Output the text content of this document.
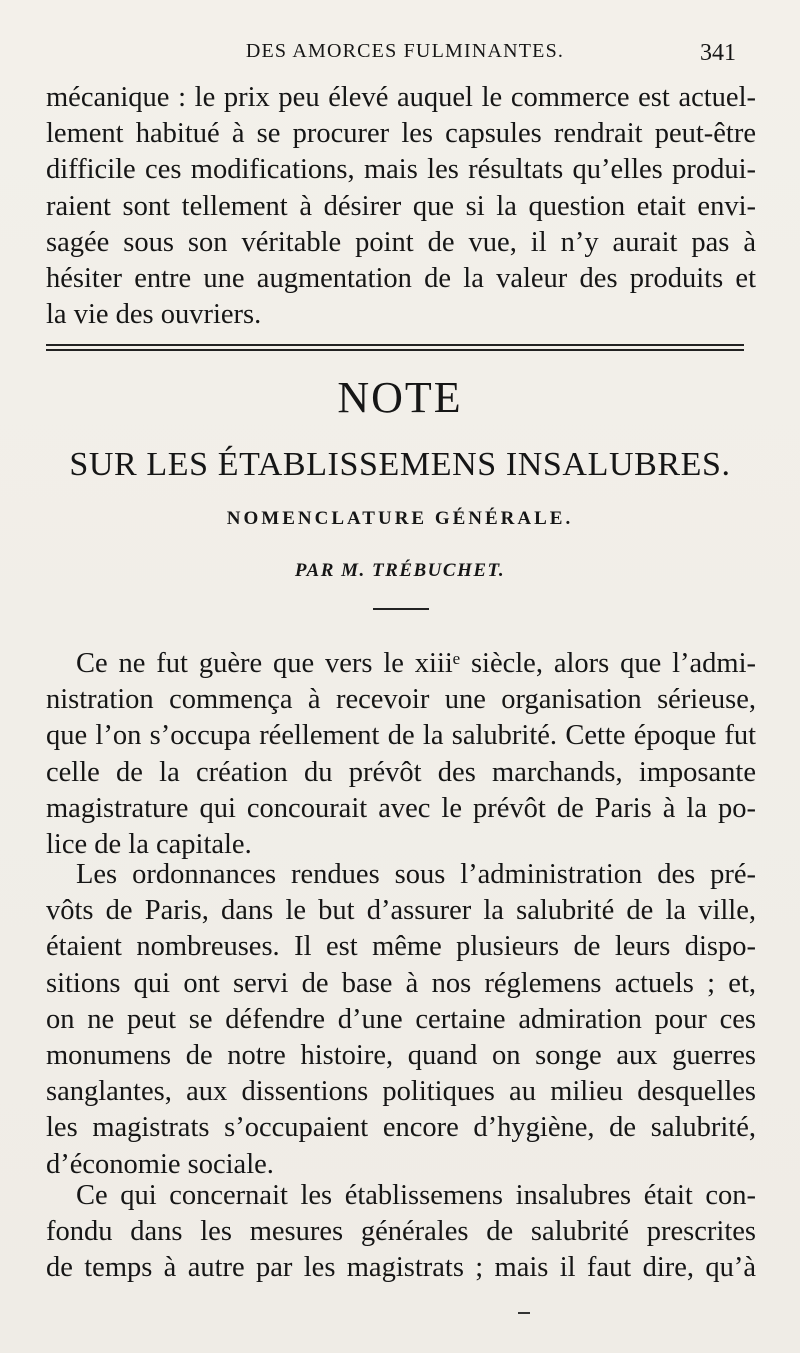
DES AMORCES FULMINANTES.	341
mécanique : le prix peu élevé auquel le commerce est actuel-
lement habitué à se procurer les capsules rendrait peut-être
difficile ces modifications, mais les résultats qu’elles produi-
raient sont tellement à désirer que si la question etait envi-
sagée sous son véritable point de vue, il n’y aurait pas à
hésiter entre une augmentation de la valeur des produits et
la vie des ouvriers.
NOTE
SUR LES ÉTABLISSEMENS INSALUBRES.
NOMENCLATURE GÉNÉRALE.
PAR M. TRÉBUCHET.
Ce ne fut guère que vers le xiiiᵉ siècle, alors que l’admi-
nistration commença à recevoir une organisation sérieuse,
que l’on s’occupa réellement de la salubrité. Cette époque fut
celle de la création du prévôt des marchands, imposante
magistrature qui concourait avec le prévôt de Paris à la po-
lice de la capitale.
Les ordonnances rendues sous l’administration des pré-
vôts de Paris, dans le but d’assurer la salubrité de la ville,
étaient nombreuses. Il est même plusieurs de leurs dispo-
sitions qui ont servi de base à nos réglemens actuels ; et,
on ne peut se défendre d’une certaine admiration pour ces
monumens de notre histoire, quand on songe aux guerres
sanglantes, aux dissentions politiques au milieu desquelles
les magistrats s’occupaient encore d’hygiène, de salubrité,
d’économie sociale.
Ce qui concernait les établissemens insalubres était con-
fondu dans les mesures générales de salubrité prescrites
de temps à autre par les magistrats ; mais il faut dire, qu’à
